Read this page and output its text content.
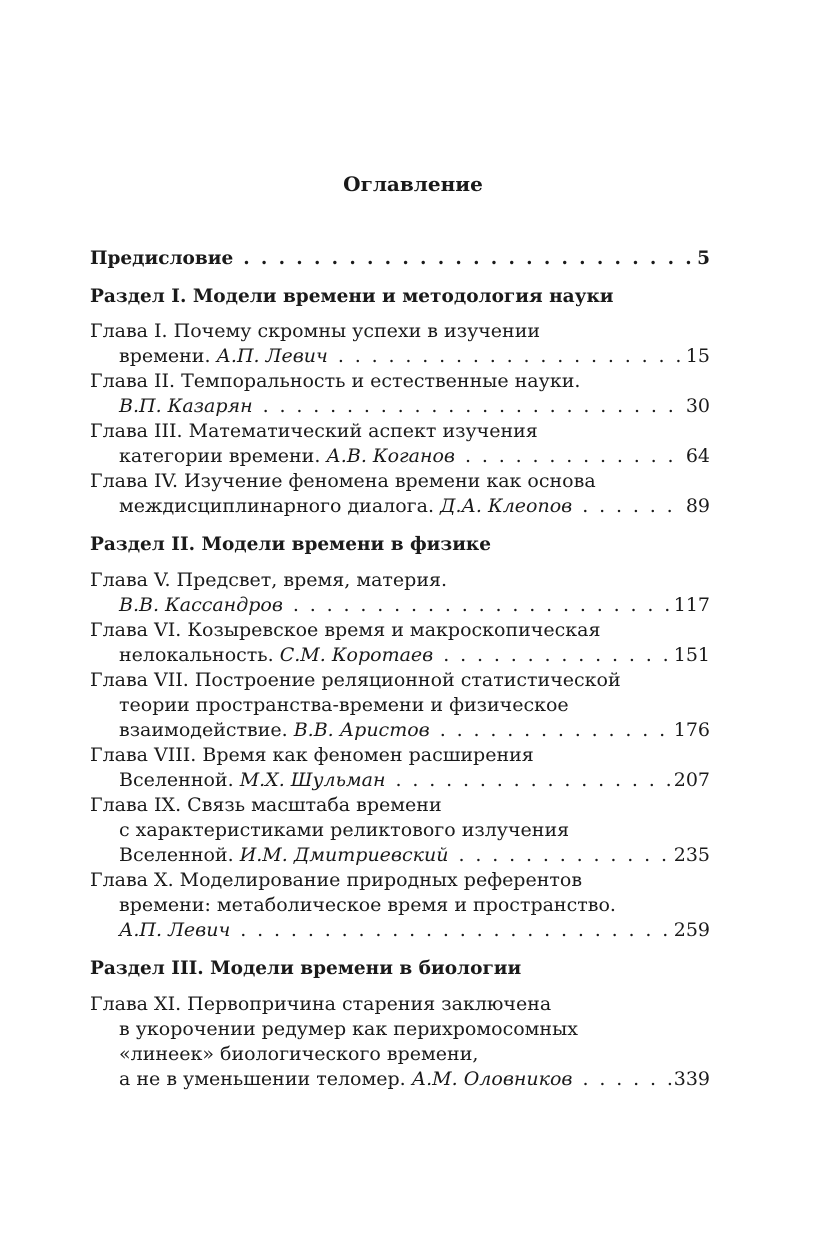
Оглавление
Предисловие . . .	5
Раздел I. Модели времени и методология науки
Глава I. Почему скромны успехи в изучении
времени.
А.П. Левич . . .	15
Глава II. Темпоральность и естественные науки.
В.П. Казарян . . .	30
Глава III. Математический аспект изучения
категории времени.
А.В. Коганов . . .	64
Глава IV. Изучение феномена времени как основа
междисциплинарного диалога.
Д.А. Клеопов . . .	89
Раздел II. Модели времени в физике
Глава V. Предсвет, время, материя.
В.В. Кассандров . . .	117
Глава VI. Козыревское время и макроскопическая
нелокальность.
С.М. Коротаев . . .	151
Глава VII. Построение реляционной статистической
теории пространства-времени и физическое
взаимодействие.
В.В. Аристов . . .	176
Глава VIII. Время как феномен расширения
Вселенной.
М.Х. Шульман . . .	207
Глава IX. Связь масштаба времени
с характеристиками реликтового излучения
Вселенной.
И.М. Дмитриевский . . .	235
Глава X. Моделирование природных референтов
времени: метаболическое время и пространство.
А.П. Левич . . .	259
Раздел III. Модели времени в биологии
Глава XI. Первопричина старения заключена
в укорочении редумер как перихромосомных
«линеек» биологического времени,
а не в уменьшении теломер.
А.М. Оловников . . .	339
